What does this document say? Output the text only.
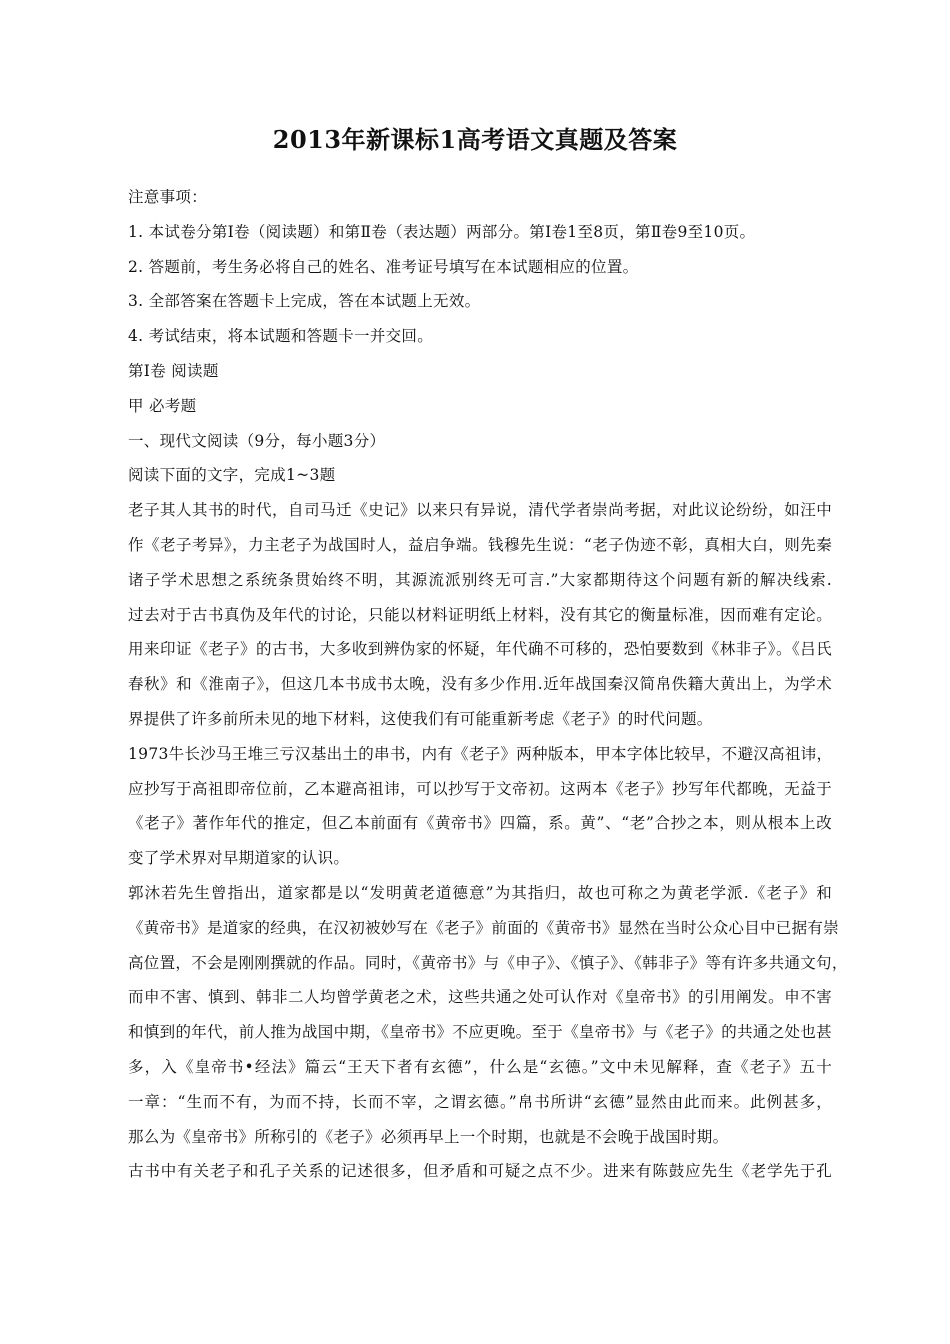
2013年新课标1高考语文真题及答案
注意事项：
1. 本试卷分第Ⅰ卷（阅读题）和第Ⅱ卷（表达题）两部分。第Ⅰ卷1至8页，第Ⅱ卷9至10页。
2. 答题前，考生务必将自己的姓名、准考证号填写在本试题相应的位置。
3. 全部答案在答题卡上完成，答在本试题上无效。
4. 考试结束，将本试题和答题卡一并交回。
第Ⅰ卷 阅读题
甲 必考题
一、现代文阅读（9分，每小题3分）
阅读下面的文字，完成1~3题
老子其人其书的时代，自司马迁《史记》以来只有异说，清代学者崇尚考据，对此议论纷纷，如汪中
作《老子考异》，力主老子为战国时人，益启争端。钱穆先生说：“老子伪迹不彰，真相大白，则先秦
诸子学术思想之系统条贯始终不明，其源流派别终无可言.”大家都期待这个问题有新的解决线索.
过去对于古书真伪及年代的讨论，只能以材料证明纸上材料，没有其它的衡量标准，因而难有定论。
用来印证《老子》的古书，大多收到辨伪家的怀疑，年代确不可移的，恐怕要数到《林非子》。《吕氏
春秋》和《淮南子》，但这几本书成书太晚，没有多少作用.近年战国秦汉简帛佚籍大黄出上，为学术
界提供了许多前所未见的地下材料，这使我们有可能重新考虑《老子》的时代问题。
1973牛长沙马王堆三亏汉基出土的串书，内有《老子》两种版本，甲本字体比较早，不避汉高祖讳，
应抄写于高祖即帝位前，乙本避高祖讳，可以抄写于文帝初。这两本《老子》抄写年代都晚，无益于
《老子》著作年代的推定，但乙本前面有《黄帝书》四篇，系。黄”、“老”合抄之本，则从根本上改
变了学术界对早期道家的认识。
郭沐若先生曾指出，道家都是以“发明黄老道德意”为其指归，故也可称之为黄老学派.《老子》和
《黄帝书》是道家的经典，在汉初被妙写在《老子》前面的《黄帝书》显然在当时公众心目中已据有崇
高位置，不会是刚刚撰就的作品。同时，《黄帝书》与《申子》、《慎子》、《韩非子》等有许多共通文句，
而申不害、慎到、韩非二人均曾学黄老之术，这些共通之处可认作对《皇帝书》的引用阐发。申不害
和慎到的年代，前人推为战国中期，《皇帝书》不应更晚。至于《皇帝书》与《老子》的共通之处也甚
多，入《皇帝书•经法》篇云“王天下者有玄德”，什么是“玄德。”文中未见解释，查《老子》五十
一章：“生而不有，为而不持，长而不宰，之谓玄德。”帛书所讲“玄德”显然由此而来。此例甚多，
那么为《皇帝书》所称引的《老子》必须再早上一个时期，也就是不会晚于战国时期。
古书中有关老子和孔子关系的记述很多，但矛盾和可疑之点不少。进来有陈鼓应先生《老学先于孔
